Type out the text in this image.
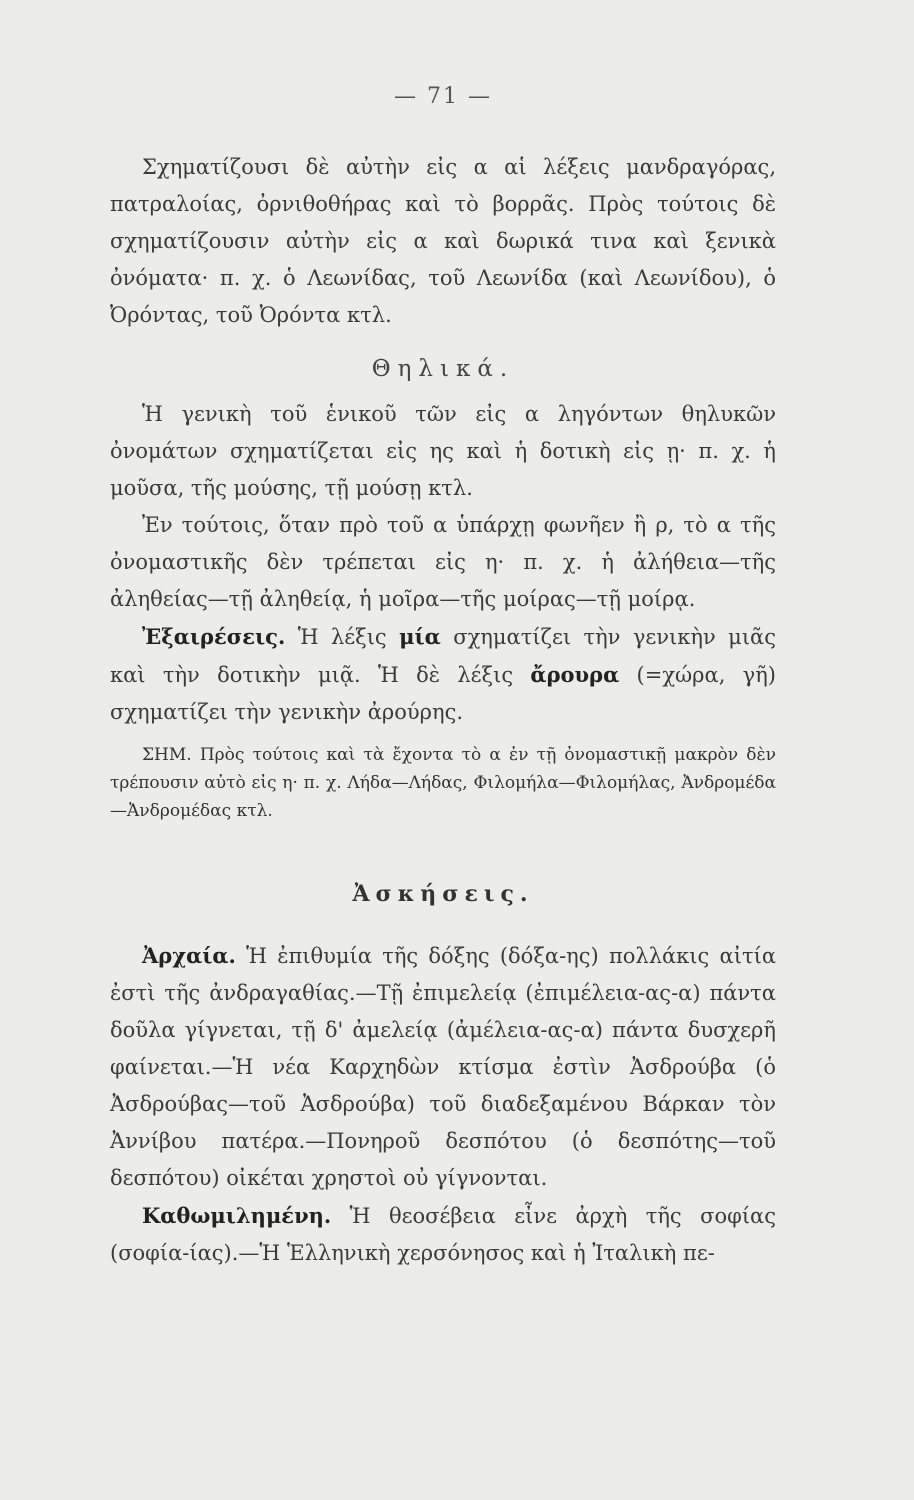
— 71 —

Σχηματίζουσι δὲ αὐτὴν εἰς α αἱ λέξεις μανδραγόρας, πατραλοίας, ὀρνιθοθήρας καὶ τὸ βορρᾶς. Πρὸς τούτοις δὲ σχηματίζουσιν αὐτὴν εἰς α καὶ δωρικά τινα καὶ ξενικὰ ὀνόματα· π. χ. ὁ Λεωνίδας, τοῦ Λεωνίδα (καὶ Λεωνίδου), ὁ Ὀρόντας, τοῦ Ὀρόντα κτλ.

Θηλικά.

Ἡ γενικὴ τοῦ ἑνικοῦ τῶν εἰς α ληγόντων θηλυκῶν ὀνομάτων σχηματίζεται εἰς ης καὶ ἡ δοτικὴ εἰς ῃ· π. χ. ἡ μοῦσα, τῆς μούσης, τῇ μούσῃ κτλ.

Ἐν τούτοις, ὅταν πρὸ τοῦ α ὑπάρχῃ φωνῆεν ἢ ρ, τὸ α τῆς ὀνομαστικῆς δὲν τρέπεται εἰς η· π. χ. ἡ ἀλήθεια—τῆς ἀληθείας—τῇ ἀληθείᾳ, ἡ μοῖρα—τῆς μοίρας—τῇ μοίρᾳ.

Ἐξαιρέσεις. Ἡ λέξις μία σχηματίζει τὴν γενικὴν μιᾶς καὶ τὴν δοτικὴν μιᾷ. Ἡ δὲ λέξις ἄρουρα (=χώρα, γῆ) σχηματίζει τὴν γενικὴν ἀρούρης.

ΣΗΜ. Πρὸς τούτοις καὶ τὰ ἔχοντα τὸ α ἐν τῇ ὀνομαστικῇ μακρὸν δὲν τρέπουσιν αὐτὸ εἰς η· π. χ. Λήδα—Λήδας, Φιλομήλα—Φιλομήλας, Ἀνδρομέδα—Ἀνδρομέδας κτλ.

Ἀσκήσεις.

Ἀρχαία. Ἡ ἐπιθυμία τῆς δόξης (δόξα-ης) πολλάκις αἰτία ἐστὶ τῆς ἀνδραγαθίας.—Τῇ ἐπιμελείᾳ (ἐπιμέλεια-ας-α) πάντα δοῦλα γίγνεται, τῇ δ' ἀμελείᾳ (ἀμέλεια-ας-α) πάντα δυσχερῆ φαίνεται.—Ἡ νέα Καρχηδὼν κτίσμα ἐστὶν Ἀσδρούβα (ὁ Ἀσδρούβας—τοῦ Ἀσδρούβα) τοῦ διαδεξαμένου Βάρκαν τὸν Ἀννίβου πατέρα.—Πονηροῦ δεσπότου (ὁ δεσπότης—τοῦ δεσπότου) οἰκέται χρηστοὶ οὐ γίγνονται.

Καθωμιλημένη. Ἡ θεοσέβεια εἶνε ἀρχὴ τῆς σοφίας (σοφία-ίας).—Ἡ Ἑλληνικὴ χερσόνησος καὶ ἡ Ἰταλικὴ πε-
